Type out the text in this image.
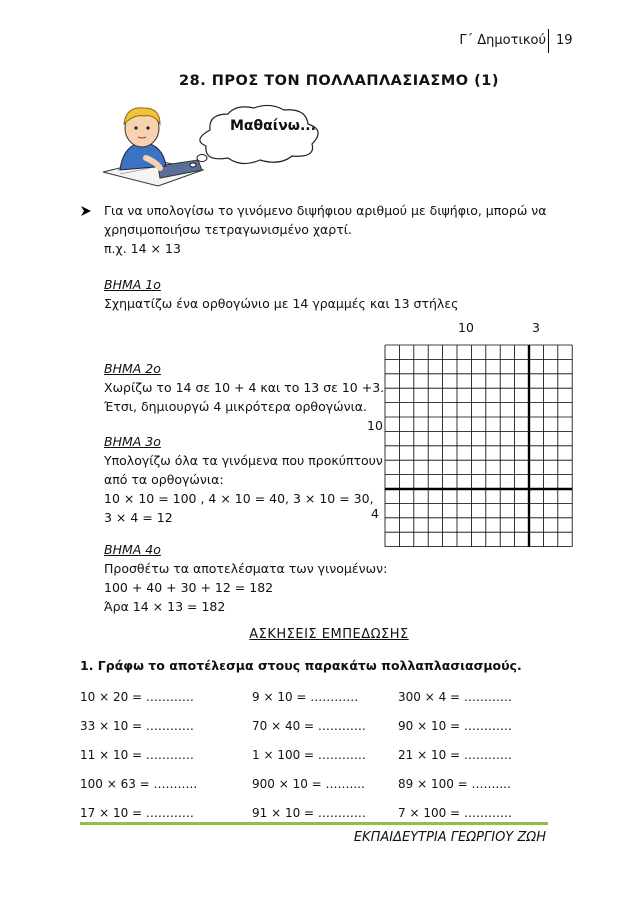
Γ΄ Δημοτικού 19
28. ΠΡΟΣ ΤΟΝ ΠΟΛΛΑΠΛΑΣΙΑΣΜΟ (1)
Μαθαίνω...
Για να υπολογίσω το γινόμενο διψήφιου αριθμού με διψήφιο, μπορώ να
χρησιμοποιήσω τετραγωνισμένο χαρτί.
π.χ. 14 × 13
ΒΗΜΑ 1ο
Σχηματίζω ένα ορθογώνιο με 14 γραμμές και 13 στήλες
10	3
10
4
ΒΗΜΑ 2ο
Χωρίζω το 14 σε 10 + 4 και το 13 σε 10 +3.
Έτσι, δημιουργώ 4 μικρότερα ορθογώνια.
ΒΗΜΑ 3ο
Υπολογίζω όλα τα γινόμενα που προκύπτουν
από τα ορθογώνια:
10 × 10 = 100 , 4 × 10 = 40, 3 × 10 = 30,
3 × 4 = 12
ΒΗΜΑ 4ο
Προσθέτω τα αποτελέσματα των γινομένων:
100 + 40 + 30 + 12 = 182
Άρα 14 × 13 = 182
ΑΣΚΗΣΕΙΣ ΕΜΠΕΔΩΣΗΣ
1. Γράφω το αποτέλεσμα στους παρακάτω πολλαπλασιασμούς.
10 × 20 = …………	9 × 10 = …………	300 × 4 = …………
33 × 10 = …………	70 × 40 = …………	90 × 10 = …………
11 × 10 = …………	1 × 100 = …………	21 × 10 = …………
100 × 63 = ………..	900 × 10 = ……....	89 × 100 = ……....
17 × 10 = …………	91 × 10 = …………	7 × 100 = …………
ΕΚΠΑΙΔΕΥΤΡΙΑ ΓΕΩΡΓΙΟΥ ΖΩΗ
